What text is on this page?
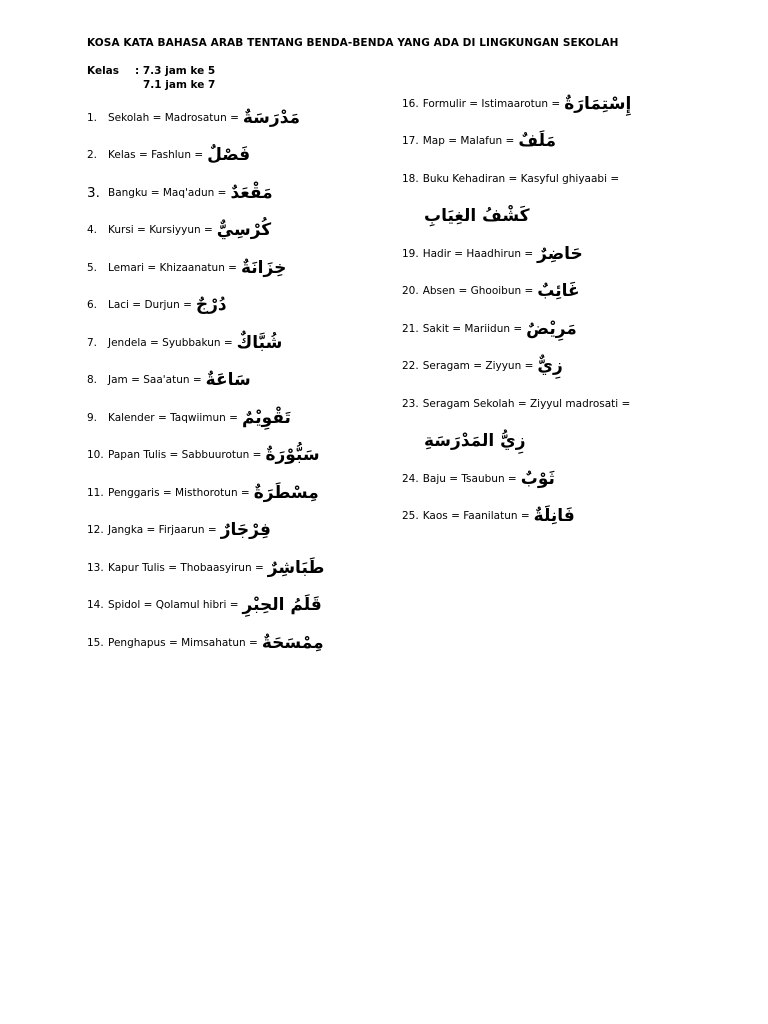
KOSA KATA BAHASA ARAB TENTANG BENDA-BENDA YANG ADA DI LINGKUNGAN SEKOLAH
Kelas	: 7.3 jam ke 5
7.1 jam ke 7
1.	Sekolah = Madrosatun = مَدْرَسَةٌ
2.	Kelas = Fashlun = فَصْلٌ
3. Bangku = Maq'adun = مَقْعَدٌ
4.	Kursi = Kursiyyun = كُرْسِيٌّ
5.	Lemari = Khizaanatun = خِزَانَةٌ
6.	Laci = Durjun = دُرْجٌ
7.	Jendela = Syubbakun = شُبَّاكٌ
8.	Jam = Saa'atun = سَاعَةٌ
9.	Kalender = Taqwiimun = تَقْوِيْمٌ
10. Papan Tulis = Sabbuurotun = سَبُّوْرَةٌ
11. Penggaris = Misthorotun = مِسْطَرَةٌ
12. Jangka = Firjaarun = فِرْجَارٌ
13. Kapur Tulis = Thobaasyirun = طَبَاشِرٌ
14. Spidol = Qolamul hibri = قَلَمُ الحِبْرِ
15. Penghapus = Mimsahatun = مِمْسَحَةٌ
16. Formulir = Istimaarotun = إِسْتِمَارَةٌ
17. Map = Malafun = مَلَفٌ
18. Buku Kehadiran = Kasyful ghiyaabi =
كَشْفُ الغِيَابِ
19. Hadir = Haadhirun = حَاضِرٌ
20. Absen = Ghooibun = غَائِبٌ
21. Sakit = Mariidun = مَرِيْضٌ
22. Seragam = Ziyyun = زِيٌّ
23. Seragam Sekolah = Ziyyul madrosati =
زِيُّ المَدْرَسَةِ
24. Baju = Tsaubun = ثَوْبٌ
25. Kaos = Faanilatun = فَانِلَةٌ
